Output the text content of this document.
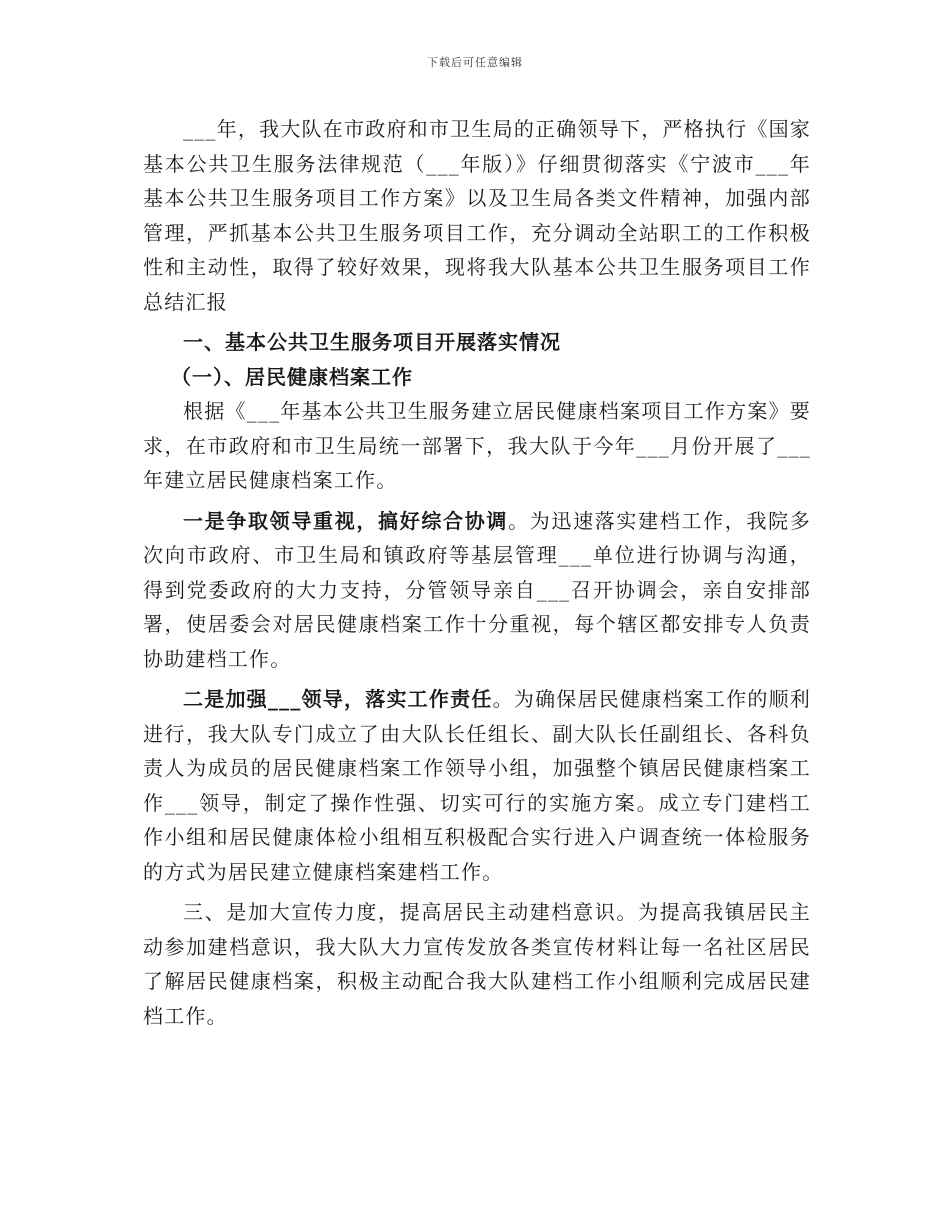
下载后可任意编辑

___年，我大队在市政府和市卫生局的正确领导下，严格执行《国家基本公共卫生服务法律规范（___年版）》仔细贯彻落实《宁波市___年基本公共卫生服务项目工作方案》以及卫生局各类文件精神，加强内部管理，严抓基本公共卫生服务项目工作，充分调动全站职工的工作积极性和主动性，取得了较好效果，现将我大队基本公共卫生服务项目工作总结汇报

一、基本公共卫生服务项目开展落实情况

（一）、居民健康档案工作

根据《___年基本公共卫生服务建立居民健康档案项目工作方案》要求，在市政府和市卫生局统一部署下，我大队于今年___月份开展了___年建立居民健康档案工作。

一是争取领导重视，搞好综合协调。为迅速落实建档工作，我院多次向市政府、市卫生局和镇政府等基层管理___单位进行协调与沟通，得到党委政府的大力支持，分管领导亲自___召开协调会，亲自安排部署，使居委会对居民健康档案工作十分重视，每个辖区都安排专人负责协助建档工作。

二是加强___领导，落实工作责任。为确保居民健康档案工作的顺利进行，我大队专门成立了由大队长任组长、副大队长任副组长、各科负责人为成员的居民健康档案工作领导小组，加强整个镇居民健康档案工作___领导，制定了操作性强、切实可行的实施方案。成立专门建档工作小组和居民健康体检小组相互积极配合实行进入户调查统一体检服务的方式为居民建立健康档案建档工作。

三、是加大宣传力度，提高居民主动建档意识。为提高我镇居民主动参加建档意识，我大队大力宣传发放各类宣传材料让每一名社区居民了解居民健康档案，积极主动配合我大队建档工作小组顺利完成居民建档工作。
